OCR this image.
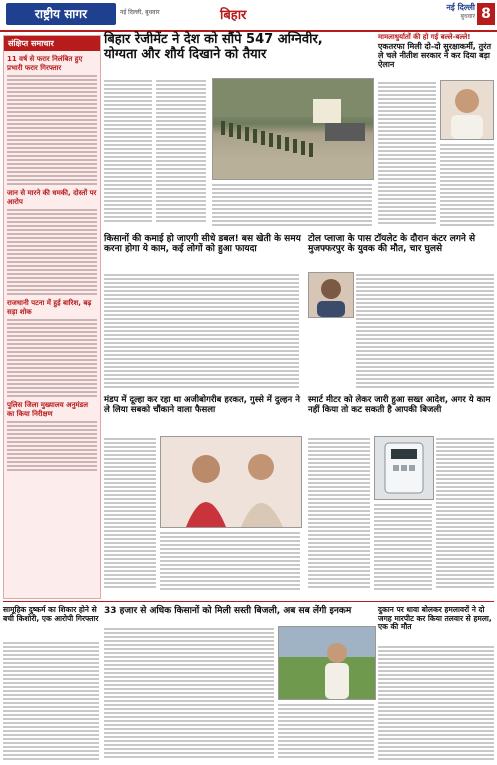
राष्ट्रीय सागर	नई दिल्ली, बुधवार	बिहार
नई दिल्ली
बुधवार 8
संक्षिप्त समाचार
11 वर्ष से फरार निलंबित हुए प्रभारी फरार गिरफ्तार
जान से मारने की धमकी, दोस्तों पर आरोप
राजधानी पटना में हुई बारिश, बढ़ सड़ा शोक
पुलिस जिला मुख्यालय अनुमंडल का किया निरीक्षण
बिहार रेजीमेंट ने देश को सौंपे 547 अग्निवीर,
योग्यता और शौर्य दिखाने को तैयार
मामलाधुर्यातों की हो गई बल्ले-बल्ले!
एकतरफा मिली दो-दो सुरक्षाकर्मी, तुरंत ले चले नीतीश सरकार ने कर दिया बड़ा ऐलान
किसानों की कमाई हो जाएगी सीधे डबल! बस खेती के समय करना होगा ये काम, कई लोगों को हुआ फायदा
टोल प्लाजा के पास टॉयलेट के दौरान कंटर लगने से मुजफ्फरपुर के युवक की मौत, चार घुलसे
मंडप में दूल्हा कर रहा था अजीबोगरीब हरकत, गुस्से में दुल्हन ने ले लिया सबको चौंकाने वाला फैसला
स्मार्ट मीटर को लेकर जारी हुआ सख्त आदेश, अगर ये काम नहीं किया तो कट सकती है आपकी बिजली
सामूहिक दुष्कर्म का शिकार होने से बची किशोरी, एक आरोपी गिरफ्तार
33 हजार से अधिक किसानों को मिली सस्ती बिजली, अब सब लेंगी इनकम	दुकान पर धावा बोलकर हमलावरों ने दो जगह मारपीट कर किया तलवार से हमला, एक की मौत
